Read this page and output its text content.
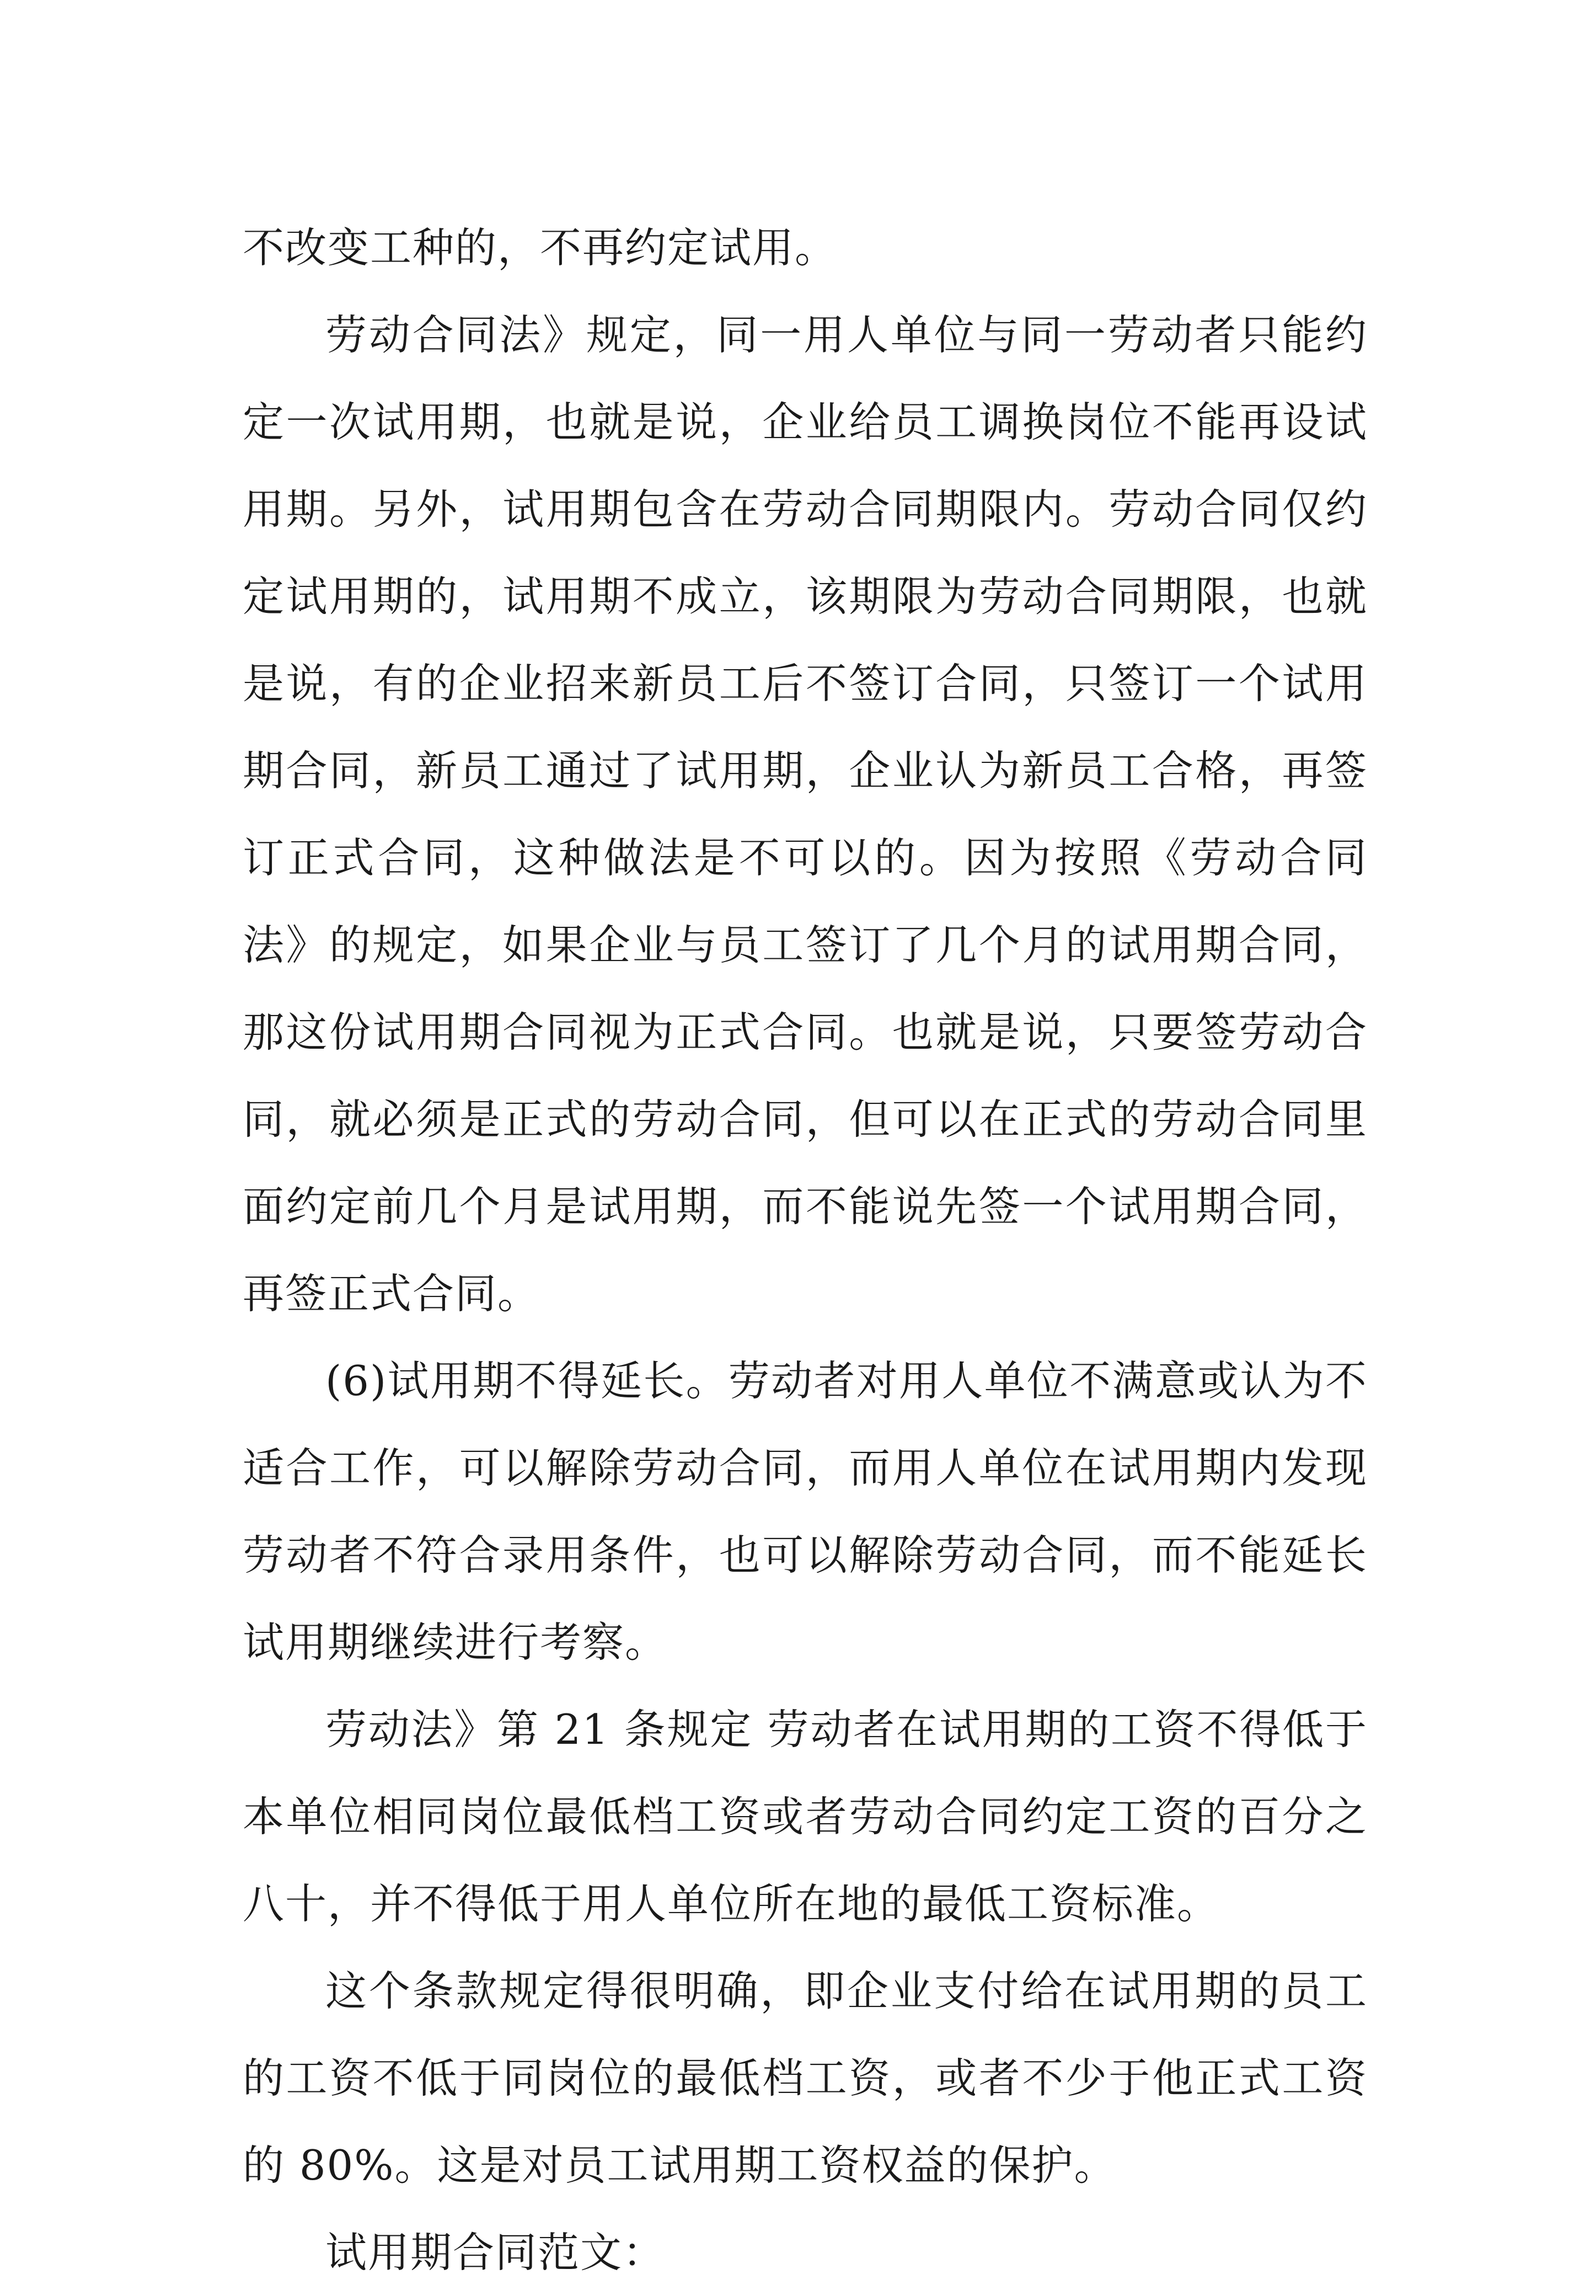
不改变工种的，不再约定试用。

劳动合同法》规定，同一用人单位与同一劳动者只能约定一次试用期，也就是说，企业给员工调换岗位不能再设试用期。另外，试用期包含在劳动合同期限内。劳动合同仅约定试用期的，试用期不成立，该期限为劳动合同期限，也就是说，有的企业招来新员工后不签订合同，只签订一个试用期合同，新员工通过了试用期，企业认为新员工合格，再签订正式合同，这种做法是不可以的。因为按照《劳动合同法》的规定，如果企业与员工签订了几个月的试用期合同，那这份试用期合同视为正式合同。也就是说，只要签劳动合同，就必须是正式的劳动合同，但可以在正式的劳动合同里面约定前几个月是试用期，而不能说先签一个试用期合同，再签正式合同。

(6)试用期不得延长。劳动者对用人单位不满意或认为不适合工作，可以解除劳动合同，而用人单位在试用期内发现劳动者不符合录用条件，也可以解除劳动合同，而不能延长试用期继续进行考察。

劳动法》第 21 条规定 劳动者在试用期的工资不得低于本单位相同岗位最低档工资或者劳动合同约定工资的百分之八十，并不得低于用人单位所在地的最低工资标准。

这个条款规定得很明确，即企业支付给在试用期的员工的工资不低于同岗位的最低档工资，或者不少于他正式工资的 80%。这是对员工试用期工资权益的保护。

试用期合同范文：
